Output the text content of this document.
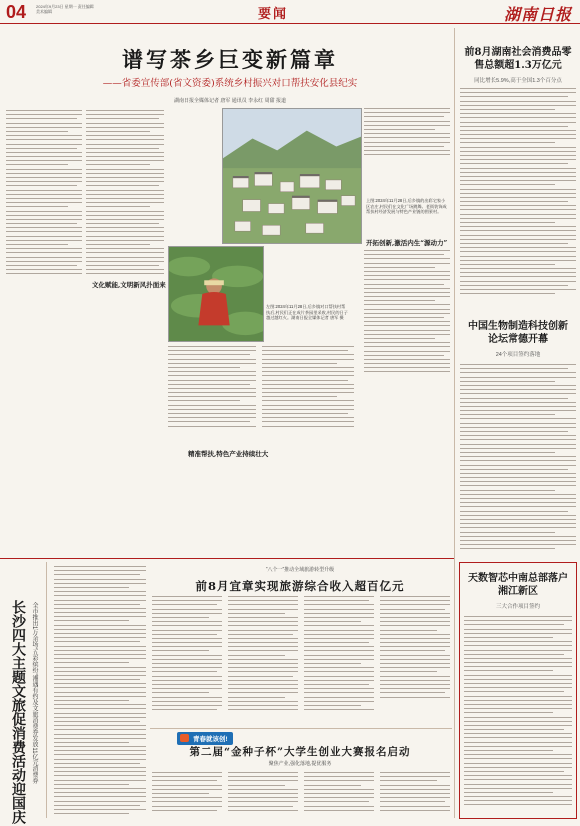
04 2024年9月23日 星期一 责任编辑 美术编辑	要闻	湖南日报
谱写茶乡巨变新篇章
——省委宣传部(省文资委)系统乡村振兴对口帮扶安化县纪实
湖南日报全媒体记者 唐军 通讯员 李永红 周甜 报道
上图:2024年11月28日,后乡镇的出彩宅家小区农庄,村民们在文化广场跳舞。老街装饰成帮扶村经济发展与特色产业链的图景村。
左图:2024年11月28日,后乡镇对口帮扶村帮扶后,村民们正在成片茶园里采收,村民的日子越过越红火。湖南日报全媒体记者 唐军 摄
文化赋能,文明新风扑面来
精准帮扶,特色产业持续壮大
开拓创新,激活内生“源动力”
前8月湖南社会消费品零售总额超1.3万亿元
同比增长5.9%,高于全国1.3个百分点
中国生物制造科技创新论坛常德开幕
24个项目签约落地
天数智芯中南总部落户湘江新区
三大合作项目签约
长沙四大主题文旅促消费活动迎国庆 全市推出1万余场“五彩缤纷”湘遇有约及文旅消费券发放11亿元消费券
“八个一”推动全域旅游转型升级
前8月宜章实现旅游综合收入超百亿元
青春就该创!
第二届“金种子杯”大学生创业大赛报名启动
聚焦产业,强化落地,提优服务
